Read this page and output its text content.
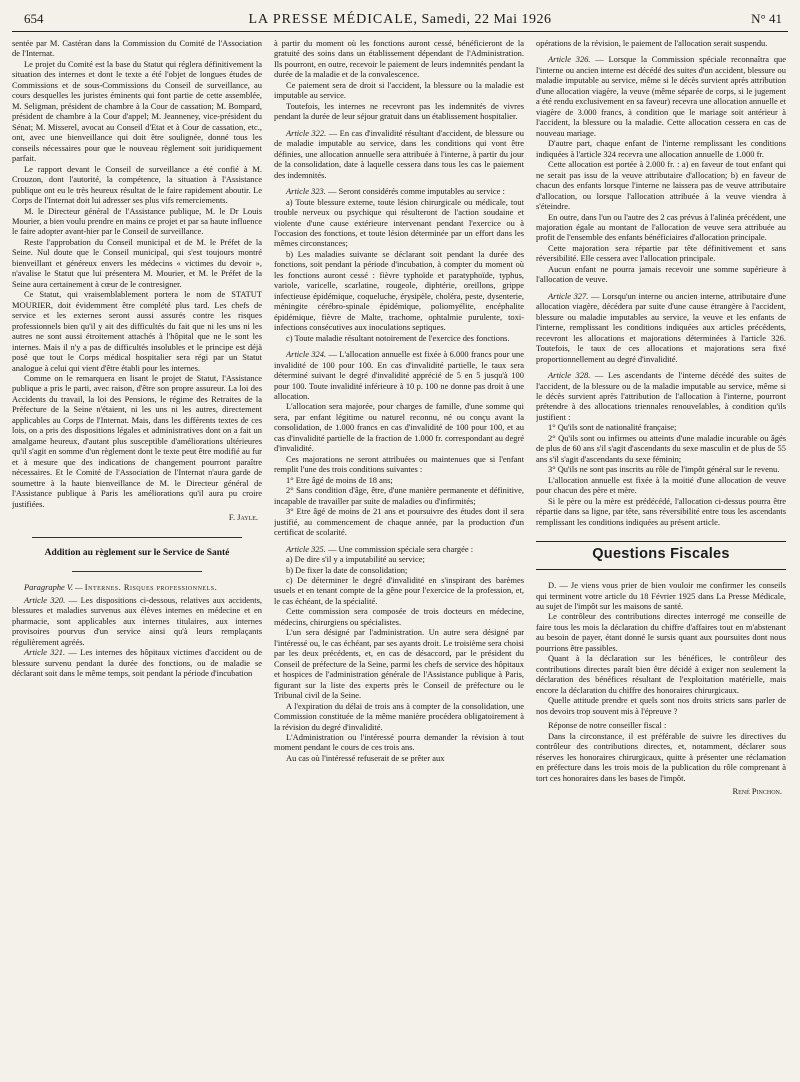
654	LA PRESSE MÉDICALE, Samedi, 22 Mai 1926	N° 41

sentée par M. Castéran dans la Commission du Comité de l'Association de l'Internat.

Le projet du Comité est la base du Statut qui réglera définitivement la situation des internes et dont le texte a été l'objet de longues études de Commissions et de sous-Commissions du Conseil de surveillance, au cours desquelles les juristes éminents qui font partie de cette assemblée, M. Seligman, président de chambre à la Cour de cassation; M. Bompard, président de chambre à la Cour d'appel; M. Jeanneney, vice-président du Sénat; M. Misserel, avocat au Conseil d'Etat et à Cour de cassation, etc., ont, avec une bienveillance qui doit être soulignée, donné tous les conseils nécessaires pour que le nouveau règlement soit juridiquement parfait.

Le rapport devant le Conseil de surveillance a été confié à M. Crouzon, dont l'autorité, la compétence, la situation à l'Assistance publique ont eu le très heureux résultat de le faire rapidement aboutir. Le Corps de l'Internat doit lui adresser ses plus vifs remerciements.

M. le Directeur général de l'Assistance publique, M. le Dr Louis Mourier, a bien voulu prendre en mains ce projet et par sa haute influence le faire adopter avant-hier par le Conseil de surveillance.

Reste l'approbation du Conseil municipal et de M. le Préfet de la Seine. Nul doute que le Conseil municipal, qui s'est toujours montré bienveillant et généreux envers les médecins « victimes du devoir », n'avalise le Statut que lui présentera M. Mourier, et M. le Préfet de la Seine aura certainement à cœur de le contresigner.

Ce Statut, qui vraisemblablement portera le nom de STATUT MOURIER, doit évidemment être complété plus tard. Les chefs de service et les externes seront aussi assurés contre les risques professionnels bien qu'il y ait des difficultés du fait que ni les uns ni les autres ne sont aussi étroitement attachés à l'hôpital que ne le sont les internes. Mais il n'y a pas de difficultés insolubles et le principe est déjà posé que tout le Corps médical hospitalier sera régi par un Statut analogue à celui qui vient d'être établi pour les internes.

Comme on le remarquera en lisant le projet de Statut, l'Assistance publique a pris le parti, avec raison, d'être son propre assureur. La loi des Accidents du travail, la loi des Pensions, le régime des Retraites de la Préfecture de la Seine n'étaient, ni les uns ni les autres, directement applicables au Corps de l'Internat. Mais, dans les différents textes de ces lois, on a pris des dispositions légales et administratives dont on a fait un amalgame heureux, d'autant plus susceptible d'améliorations ultérieures qu'il s'agit en somme d'un règlement dont le texte peut être modifié au fur et à mesure que des indications de changement pourront paraître nécessaires. Et le Comité de l'Association de l'Internat n'aura garde de soumettre à la haute bienveillance de M. le Directeur général de l'Assistance publique à Paris les améliorations qu'il aura pu croire justifiées.

F. Jayle.

Addition au règlement sur le Service de Santé

Paragraphe V. — Internes. Risques professionnels.

Article 320. — Les dispositions ci-dessous, relatives aux accidents, blessures et maladies survenus aux élèves internes en médecine et en pharmacie, sont applicables aux internes titulaires, aux internes provisoires pourvus d'un service ainsi qu'à leurs remplaçants régulièrement agréés.

Article 321. — Les internes des hôpitaux victimes d'accident ou de blessure survenu pendant la durée des fonctions, ou de maladie se déclarant soit dans le même temps, soit pendant la période d'incubation

à partir du moment où les fonctions auront cessé, bénéficieront de la gratuité des soins dans un établissement dépendant de l'Administration. Ils pourront, en outre, recevoir le paiement de leurs indemnités pendant la durée de la maladie et de la convalescence.

Ce paiement sera de droit si l'accident, la blessure ou la maladie est imputable au service.

Toutefois, les internes ne recevront pas les indemnités de vivres pendant la durée de leur séjour gratuit dans un établissement hospitalier.

Article 322. — En cas d'invalidité résultant d'accident, de blessure ou de maladie imputable au service, dans les conditions qui vont être définies, une allocation annuelle sera attribuée à l'interne, à partir du jour de la consolidation, date à laquelle cessera dans tous les cas le paiement des indemnités.

Article 323. — Seront considérés comme imputables au service :

a) Toute blessure externe, toute lésion chirurgicale ou médicale, tout trouble nerveux ou psychique qui résulteront de l'action soudaine et violente d'une cause extérieure intervenant pendant l'exercice ou à l'occasion des fonctions, et toute lésion déterminée par un effort dans les mêmes circonstances;

b) Les maladies suivante se déclarant soit pendant la durée des fonctions, soit pendant la période d'incubation, à compter du moment où les fonctions auront cessé : fièvre typhoïde et paratyphoïde, typhus, variole, varicelle, scarlatine, rougeole, diphtérie, oreillons, grippe infectieuse épidémique, coqueluche, érysipèle, choléra, peste, dysenterie, méningite cérébro-spinale épidémique, poliomyélite, encéphalite épidémique, fièvre de Malte, trachome, ophtalmie purulente, toxi-infections consécutives aux inoculations septiques.

c) Toute maladie résultant notoirement de l'exercice des fonctions.

Article 324. — L'allocation annuelle est fixée à 6.000 francs pour une invalidité de 100 pour 100. En cas d'invalidité partielle, le taux sera déterminé suivant le degré d'invalidité apprécié de 5 en 5 jusqu'à 100 pour 100. Toute invalidité inférieure à 10 p. 100 ne donne pas droit à une allocation.

L'allocation sera majorée, pour charges de famille, d'une somme qui sera, par enfant légitime ou naturel reconnu, né ou conçu avant la consolidation, de 1.000 francs en cas d'invalidité de 100 pour 100, et au cas d'invalidité partielle de la fraction de 1.000 fr. correspondant au degré d'invalidité.

Ces majorations ne seront attribuées ou maintenues que si l'enfant remplit l'une des trois conditions suivantes :

1° Etre âgé de moins de 18 ans;

2° Sans condition d'âge, être, d'une manière permanente et définitive, incapable de travailler par suite de maladies ou d'infirmités;

3° Etre âgé de moins de 21 ans et poursuivre des études dont il sera justifié, au commencement de chaque année, par la production d'un certificat de scolarité.

Article 325. — Une commission spéciale sera chargée :

a) De dire s'il y a imputabilité au service;

b) De fixer la date de consolidation;

c) De déterminer le degré d'invalidité en s'inspirant des barèmes usuels et en tenant compte de la gêne pour l'exercice de la profession, et, le cas échéant, de la spécialité.

Cette commission sera composée de trois docteurs en médecine, médecins, chirurgiens ou spécialistes.

L'un sera désigné par l'administration. Un autre sera désigné par l'intéressé ou, le cas échéant, par ses ayants droit. Le troisième sera choisi par les deux précédents, et, en cas de désaccord, par le président du Conseil de préfecture de la Seine, parmi les chefs de service des hôpitaux et hospices de l'administration générale de l'Assistance publique à Paris, figurant sur la liste des experts près le Conseil de préfecture ou le Tribunal civil de la Seine.

A l'expiration du délai de trois ans à compter de la consolidation, une Commission constituée de la même manière procédera obligatoirement à la révision du degré d'invalidité.

L'Administration ou l'intéressé pourra demander la révision à tout moment pendant le cours de ces trois ans.

Au cas où l'intéressé refuserait de se prêter aux

opérations de la révision, le paiement de l'allocation serait suspendu.

Article 326. — Lorsque la Commission spéciale reconnaîtra que l'interne ou ancien interne est décédé des suites d'un accident, blessure ou maladie imputable au service, même si le décès survient après attribution d'une allocation viagère, la veuve (même séparée de corps, si le jugement a été rendu exclusivement en sa faveur) recevra une allocation annuelle et viagère de 3.000 francs, à condition que le mariage soit antérieur à l'accident, la blessure ou la maladie. Cette allocation cessera en cas de nouveau mariage.

D'autre part, chaque enfant de l'interne remplissant les conditions indiquées à l'article 324 recevra une allocation annuelle de 1.000 fr.

Cette allocation est portée à 2.000 fr. : a) en faveur de tout enfant qui ne serait pas issu de la veuve attributaire d'allocation; b) en faveur de chacun des enfants lorsque l'interne ne laissera pas de veuve attributaire d'allocation, ou lorsque l'allocation attribuée à la veuve viendra à s'éteindre.

En outre, dans l'un ou l'autre des 2 cas prévus à l'alinéa précédent, une majoration égale au montant de l'allocation de veuve sera attribuée au profit de l'ensemble des enfants bénéficiaires d'allocation principale.

Cette majoration sera répartie par tête définitivement et sans réversibilité. Elle cessera avec l'allocation principale.

Aucun enfant ne pourra jamais recevoir une somme supérieure à l'allocation de veuve.

Article 327. — Lorsqu'un interne ou ancien interne, attributaire d'une allocation viagère, décédera par suite d'une cause étrangère à l'accident, blessure ou maladie imputables au service, la veuve et les enfants de l'interne, remplissant les conditions indiquées aux articles précédents, recevront les allocations et majorations déterminées à l'article 326. Toutefois, le taux de ces allocations et majorations sera fixé proportionnellement au degré d'invalidité.

Article 328. — Les ascendants de l'interne décédé des suites de l'accident, de la blessure ou de la maladie imputable au service, même si le décès survient après l'attribution de l'allocation à l'interne, pourront prétendre à des allocations triennales renouvelables, à condition qu'ils justifient :

1° Qu'ils sont de nationalité française;

2° Qu'ils sont ou infirmes ou atteints d'une maladie incurable ou âgés de plus de 60 ans s'il s'agit d'ascendants du sexe masculin et de plus de 55 ans s'il s'agit d'ascendants du sexe féminin;

3° Qu'ils ne sont pas inscrits au rôle de l'impôt général sur le revenu.

L'allocation annuelle est fixée à la moitié d'une allocation de veuve pour chacun des père et mère.

Si le père ou la mère est prédécédé, l'allocation ci-dessus pourra être répartie dans sa ligne, par tête, sans réversibilité entre tous les ascendants remplissant les conditions indiquées au présent article.

Questions Fiscales

D. — Je viens vous prier de bien vouloir me confirmer les conseils qui terminent votre article du 18 Février 1925 dans La Presse Médicale, au sujet de l'impôt sur les maisons de santé.

Le contrôleur des contributions directes interrogé me conseille de faire tous les mois la déclaration du chiffre d'affaires tout en m'abstenant au besoin de payer, étant donné le sursis quant aux poursuites dont nous pourrions être passibles.

Quant à la déclaration sur les bénéfices, le contrôleur des contributions directes paraît bien être décidé à exiger non seulement la déclaration des bénéfices résultant de l'exploitation matérielle, mais encore la déclaration du chiffre des honoraires chirurgicaux.

Quelle attitude prendre et quels sont nos droits stricts sans parler de nos devoirs trop souvent mis à l'épreuve ?

Réponse de notre conseiller fiscal :

Dans la circonstance, il est préférable de suivre les directives du contrôleur des contributions directes, et, notamment, déclarer sous réserves les honoraires chirurgicaux, quitte à présenter une réclamation en préfecture dans les trois mois de la publication du rôle comprenant à tort ces honoraires dans les bases de l'impôt.

René Pinchon.
